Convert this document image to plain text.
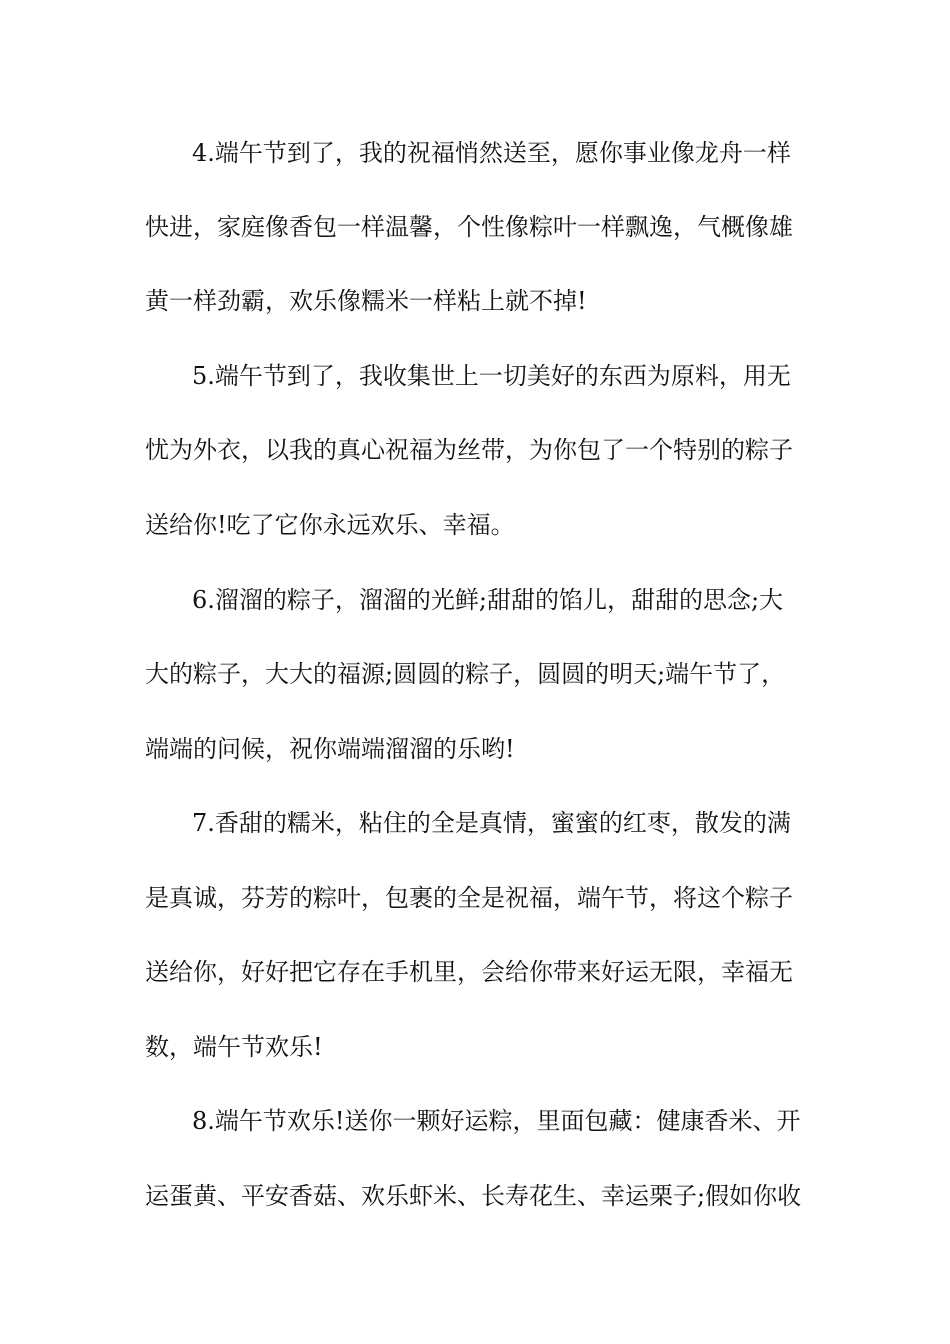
4.端午节到了，我的祝福悄然送至，愿你事业像龙舟一样
快进，家庭像香包一样温馨，个性像粽叶一样飘逸，气概像雄
黄一样劲霸，欢乐像糯米一样粘上就不掉!
5.端午节到了，我收集世上一切美好的东西为原料，用无
忧为外衣，以我的真心祝福为丝带，为你包了一个特别的粽子
送给你!吃了它你永远欢乐、幸福。
6.溜溜的粽子，溜溜的光鲜;甜甜的馅儿，甜甜的思念;大
大的粽子，大大的福源;圆圆的粽子，圆圆的明天;端午节了，
端端的问候，祝你端端溜溜的乐哟!
7.香甜的糯米，粘住的全是真情，蜜蜜的红枣，散发的满
是真诚，芬芳的粽叶，包裹的全是祝福，端午节，将这个粽子
送给你，好好把它存在手机里，会给你带来好运无限，幸福无
数，端午节欢乐!
8.端午节欢乐!送你一颗好运粽，里面包藏：健康香米、开
运蛋黄、平安香菇、欢乐虾米、长寿花生、幸运栗子;假如你收
